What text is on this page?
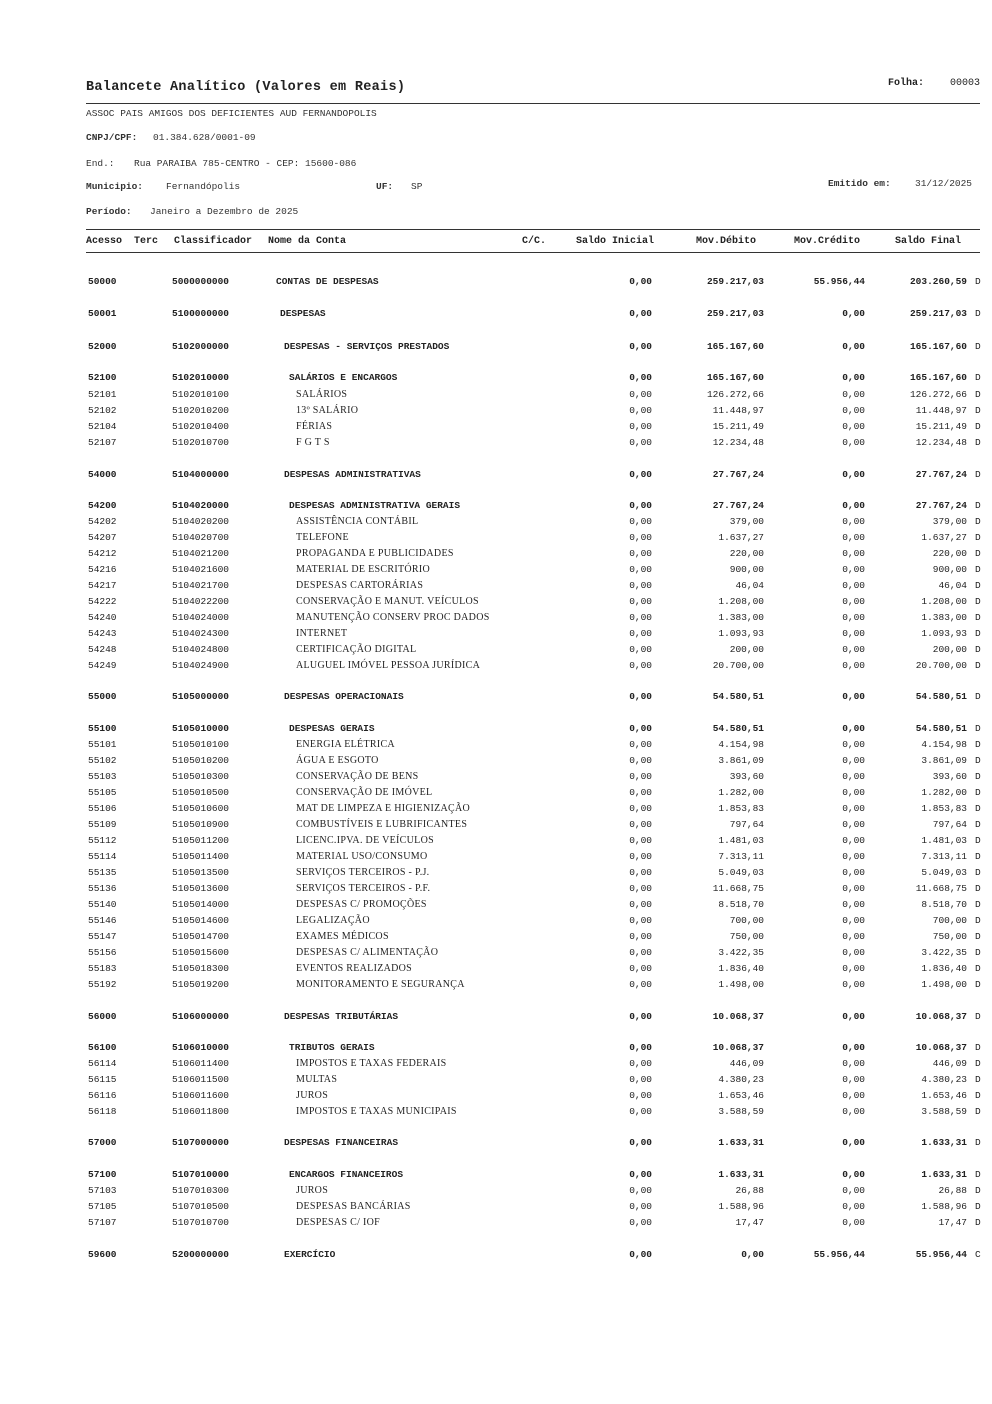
Balancete Analítico (Valores em Reais)	Folha:	00003
ASSOC PAIS AMIGOS DOS DEFICIENTES AUD FERNANDOPOLIS
CNPJ/CPF: 01.384.628/0001-09
End.: Rua PARAIBA 785-CENTRO - CEP: 15600-086
Municipio: Fernandópolis	UF: SP	Emitido em:	31/12/2025
Período: Janeiro a Dezembro de 2025
Acesso Terc Classificador Nome da Conta	C/C.	Saldo Inicial	Mov.Débito	Mov.Crédito	Saldo Final
50000	5000000000	CONTAS DE DESPESAS	0,00	259.217,03	55.956,44	203.260,59 D
50001	5100000000	DESPESAS	0,00	259.217,03	0,00	259.217,03 D
52000	5102000000	DESPESAS - SERVIÇOS PRESTADOS	0,00	165.167,60	0,00	165.167,60 D
52100	5102010000	SALÁRIOS E ENCARGOS	0,00	165.167,60	0,00	165.167,60 D
52101	5102010100	SALÁRIOS	0,00	126.272,66	0,00	126.272,66 D
52102	5102010200	13º SALÁRIO	0,00	11.448,97	0,00	11.448,97 D
52104	5102010400	FÉRIAS	0,00	15.211,49	0,00	15.211,49 D
52107	5102010700	F G T S	0,00	12.234,48	0,00	12.234,48 D
54000	5104000000	DESPESAS ADMINISTRATIVAS	0,00	27.767,24	0,00	27.767,24 D
54200	5104020000	DESPESAS ADMINISTRATIVA GERAIS	0,00	27.767,24	0,00	27.767,24 D
54202	5104020200	ASSISTÊNCIA CONTÁBIL	0,00	379,00	0,00	379,00 D
54207	5104020700	TELEFONE	0,00	1.637,27	0,00	1.637,27 D
54212	5104021200	PROPAGANDA E PUBLICIDADES	0,00	220,00	0,00	220,00 D
54216	5104021600	MATERIAL DE ESCRITÓRIO	0,00	900,00	0,00	900,00 D
54217	5104021700	DESPESAS CARTORÁRIAS	0,00	46,04	0,00	46,04 D
54222	5104022200	CONSERVAÇÃO E MANUT. VEÍCULOS	0,00	1.208,00	0,00	1.208,00 D
54240	5104024000	MANUTENÇÃO CONSERV PROC DADOS	0,00	1.383,00	0,00	1.383,00 D
54243	5104024300	INTERNET	0,00	1.093,93	0,00	1.093,93 D
54248	5104024800	CERTIFICAÇÃO DIGITAL	0,00	200,00	0,00	200,00 D
54249	5104024900	ALUGUEL IMÓVEL PESSOA JURÍDICA	0,00	20.700,00	0,00	20.700,00 D
55000	5105000000	DESPESAS OPERACIONAIS	0,00	54.580,51	0,00	54.580,51 D
55100	5105010000	DESPESAS GERAIS	0,00	54.580,51	0,00	54.580,51 D
55101	5105010100	ENERGIA ELÉTRICA	0,00	4.154,98	0,00	4.154,98 D
55102	5105010200	ÁGUA E ESGOTO	0,00	3.861,09	0,00	3.861,09 D
55103	5105010300	CONSERVAÇÃO DE BENS	0,00	393,60	0,00	393,60 D
55105	5105010500	CONSERVAÇÃO DE IMÓVEL	0,00	1.282,00	0,00	1.282,00 D
55106	5105010600	MAT DE LIMPEZA E HIGIENIZAÇÃO	0,00	1.853,83	0,00	1.853,83 D
55109	5105010900	COMBUSTÍVEIS E LUBRIFICANTES	0,00	797,64	0,00	797,64 D
55112	5105011200	LICENC.IPVA. DE VEÍCULOS	0,00	1.481,03	0,00	1.481,03 D
55114	5105011400	MATERIAL USO/CONSUMO	0,00	7.313,11	0,00	7.313,11 D
55135	5105013500	SERVIÇOS TERCEIROS - P.J.	0,00	5.049,03	0,00	5.049,03 D
55136	5105013600	SERVIÇOS TERCEIROS - P.F.	0,00	11.668,75	0,00	11.668,75 D
55140	5105014000	DESPESAS C/ PROMOÇÕES	0,00	8.518,70	0,00	8.518,70 D
55146	5105014600	LEGALIZAÇÃO	0,00	700,00	0,00	700,00 D
55147	5105014700	EXAMES MÉDICOS	0,00	750,00	0,00	750,00 D
55156	5105015600	DESPESAS C/ ALIMENTAÇÃO	0,00	3.422,35	0,00	3.422,35 D
55183	5105018300	EVENTOS REALIZADOS	0,00	1.836,40	0,00	1.836,40 D
55192	5105019200	MONITORAMENTO E SEGURANÇA	0,00	1.498,00	0,00	1.498,00 D
56000	5106000000	DESPESAS TRIBUTÁRIAS	0,00	10.068,37	0,00	10.068,37 D
56100	5106010000	TRIBUTOS GERAIS	0,00	10.068,37	0,00	10.068,37 D
56114	5106011400	IMPOSTOS E TAXAS FEDERAIS	0,00	446,09	0,00	446,09 D
56115	5106011500	MULTAS	0,00	4.380,23	0,00	4.380,23 D
56116	5106011600	JUROS	0,00	1.653,46	0,00	1.653,46 D
56118	5106011800	IMPOSTOS E TAXAS MUNICIPAIS	0,00	3.588,59	0,00	3.588,59 D
57000	5107000000	DESPESAS FINANCEIRAS	0,00	1.633,31	0,00	1.633,31 D
57100	5107010000	ENCARGOS FINANCEIROS	0,00	1.633,31	0,00	1.633,31 D
57103	5107010300	JUROS	0,00	26,88	0,00	26,88 D
57105	5107010500	DESPESAS BANCÁRIAS	0,00	1.588,96	0,00	1.588,96 D
57107	5107010700	DESPESAS C/ IOF	0,00	17,47	0,00	17,47 D
59600	5200000000	EXERCÍCIO	0,00	0,00	55.956,44	55.956,44 C
